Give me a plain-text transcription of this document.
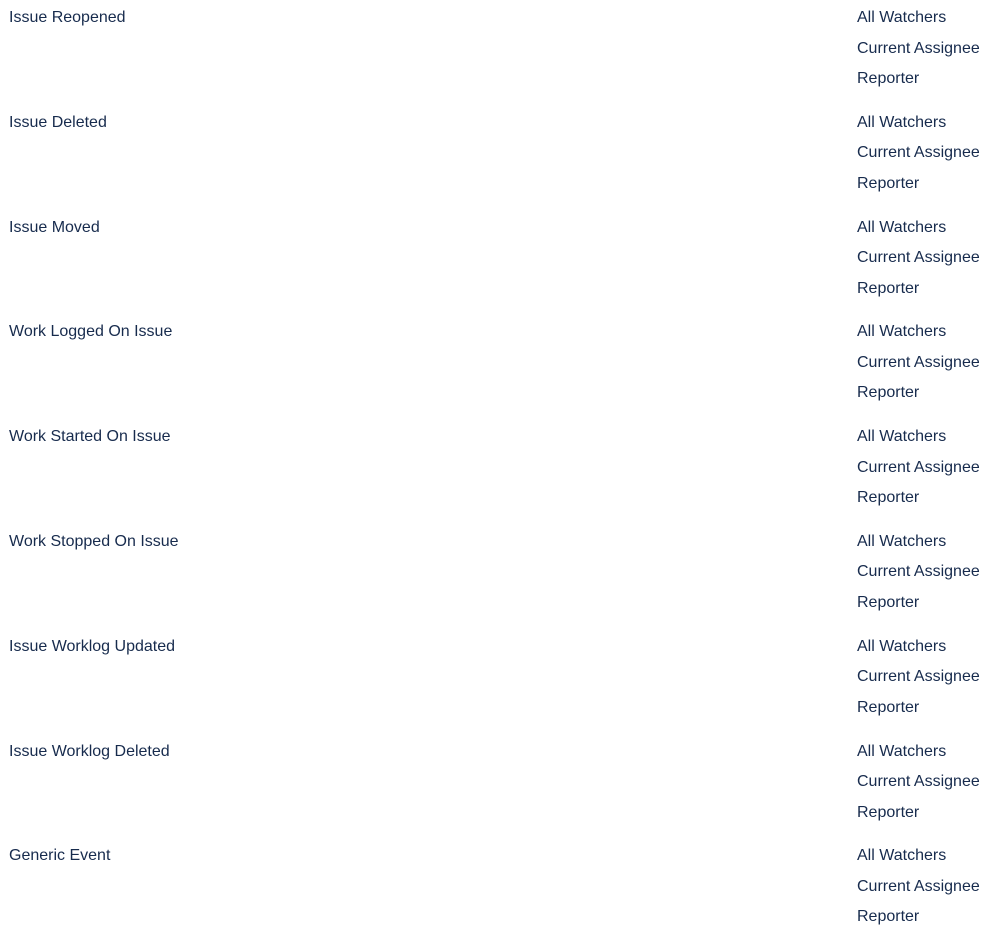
Issue Reopened	All Watchers
Current Assignee
Reporter
Issue Deleted	All Watchers
Current Assignee
Reporter
Issue Moved	All Watchers
Current Assignee
Reporter
Work Logged On Issue	All Watchers
Current Assignee
Reporter
Work Started On Issue	All Watchers
Current Assignee
Reporter
Work Stopped On Issue	All Watchers
Current Assignee
Reporter
Issue Worklog Updated	All Watchers
Current Assignee
Reporter
Issue Worklog Deleted	All Watchers
Current Assignee
Reporter
Generic Event	All Watchers
Current Assignee
Reporter
